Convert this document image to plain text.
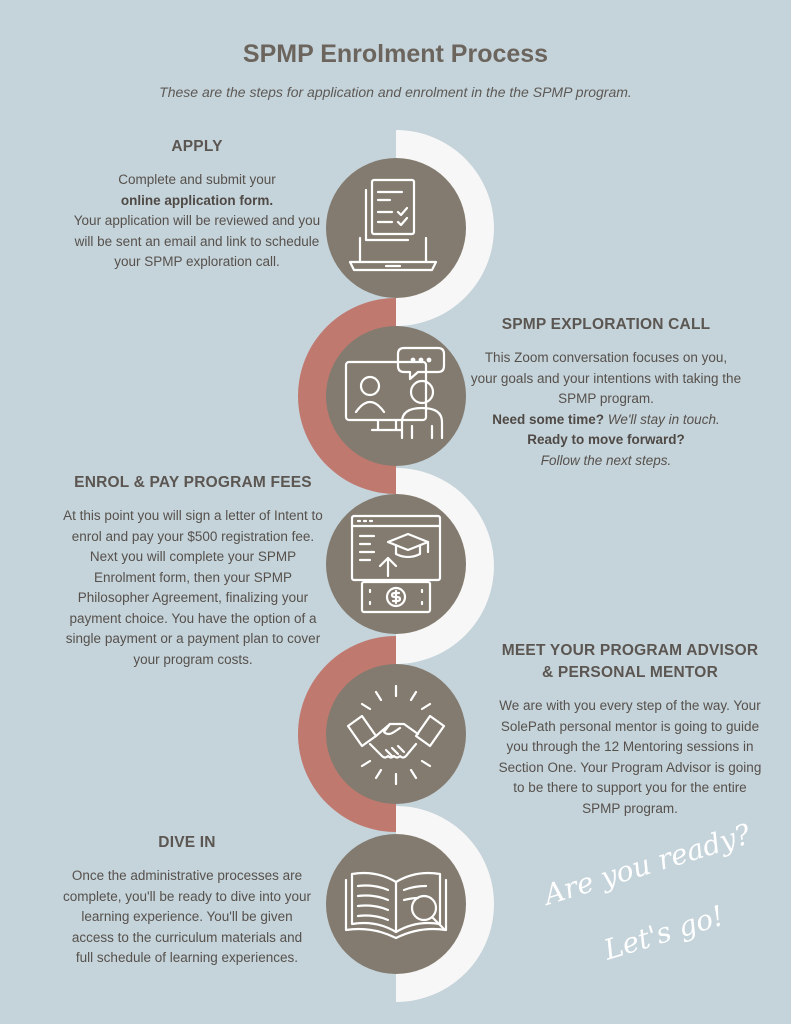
SPMP Enrolment Process
These are the steps for application and enrolment in the the SPMP program.
APPLY

Complete and submit your
online application form.
Your application will be reviewed and you will be sent an email and link to schedule your SPMP exploration call.

SPMP EXPLORATION CALL

This Zoom conversation focuses on you, your goals and your intentions with taking the SPMP program.
Need some time? We'll stay in touch.
Ready to move forward?
Follow the next steps.

ENROL & PAY PROGRAM FEES

At this point you will sign a letter of Intent to enrol and pay your $500 registration fee. Next you will complete your SPMP Enrolment form, then your SPMP Philosopher Agreement, finalizing your payment choice. You have the option of a single payment or a payment plan to cover your program costs.	MEET YOUR PROGRAM ADVISOR & PERSONAL MENTOR

We are with you every step of the way. Your SolePath personal mentor is going to guide you through the 12 Mentoring sessions in Section One. Your Program Advisor is going to be there to support you for the entire SPMP program.

DIVE IN

Once the administrative processes are complete, you'll be ready to dive into your learning experience. You'll be given access to the curriculum materials and full schedule of learning experiences.

Are you ready?
Let's go!
